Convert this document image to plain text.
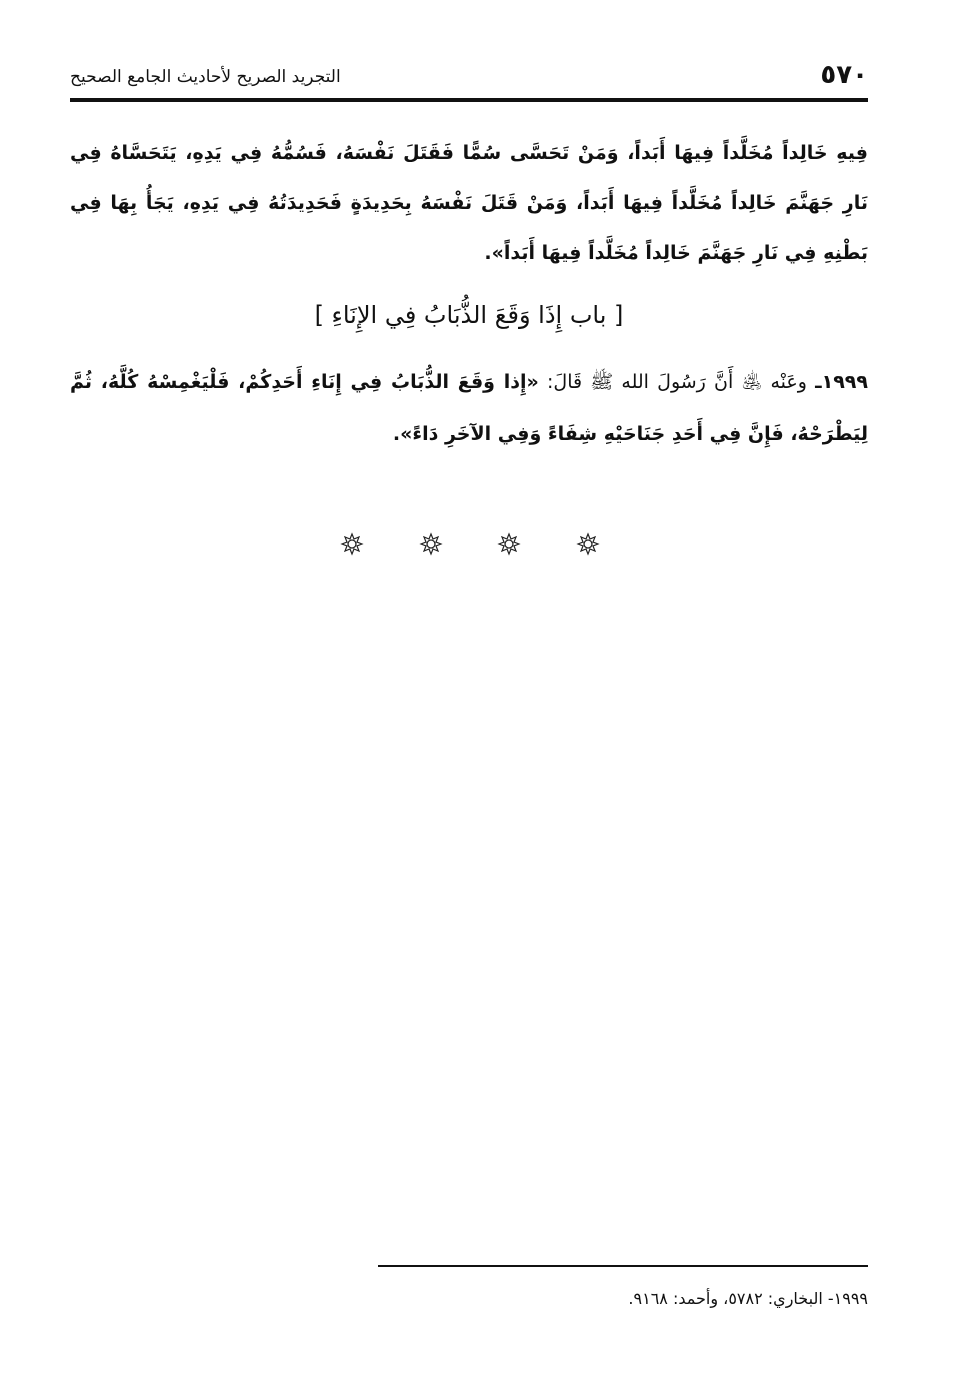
٥٧٠
التجريد الصريح لأحاديث الجامع الصحيح
فِيهِ خَالِداً مُخَلَّداً فِيهَا أَبَداً، وَمَنْ تَحَسَّى سُمًّا فَقَتَلَ نَفْسَهُ، فَسُمُّهُ فِي يَدِهِ، يَتَحَسَّاهُ فِي نَارِ جَهَنَّمَ خَالِداً مُخَلَّداً فِيهَا أَبَداً، وَمَنْ قَتَلَ نَفْسَهُ بِحَدِيدَةٍ فَحَدِيدَتُهُ فِي يَدِهِ، يَجَأُ بِهَا فِي بَطْنِهِ فِي نَارِ جَهَنَّمَ خَالِداً مُخَلَّداً فِيهَا أَبَداً».
[ باب إِذَا وَقَعَ الذُّبَابُ فِي الإِنَاءِ ]
١٩٩٩ـ وعَنْه ﵁ أَنَّ رَسُولَ الله ﷺ قَالَ: «إِذا وَقَعَ الذُّبَابُ فِي إِنَاءِ أَحَدِكُمْ، فَلْيَغْمِسْهُ كُلَّهُ، ثُمَّ لِيَطْرَحْهُ، فَإِنَّ فِي أَحَدِ جَنَاحَيْهِ شِفَاءً وَفِي الآخَرِ دَاءً».
١٩٩٩- البخاري: ٥٧٨٢، وأحمد: ٩١٦٨.
